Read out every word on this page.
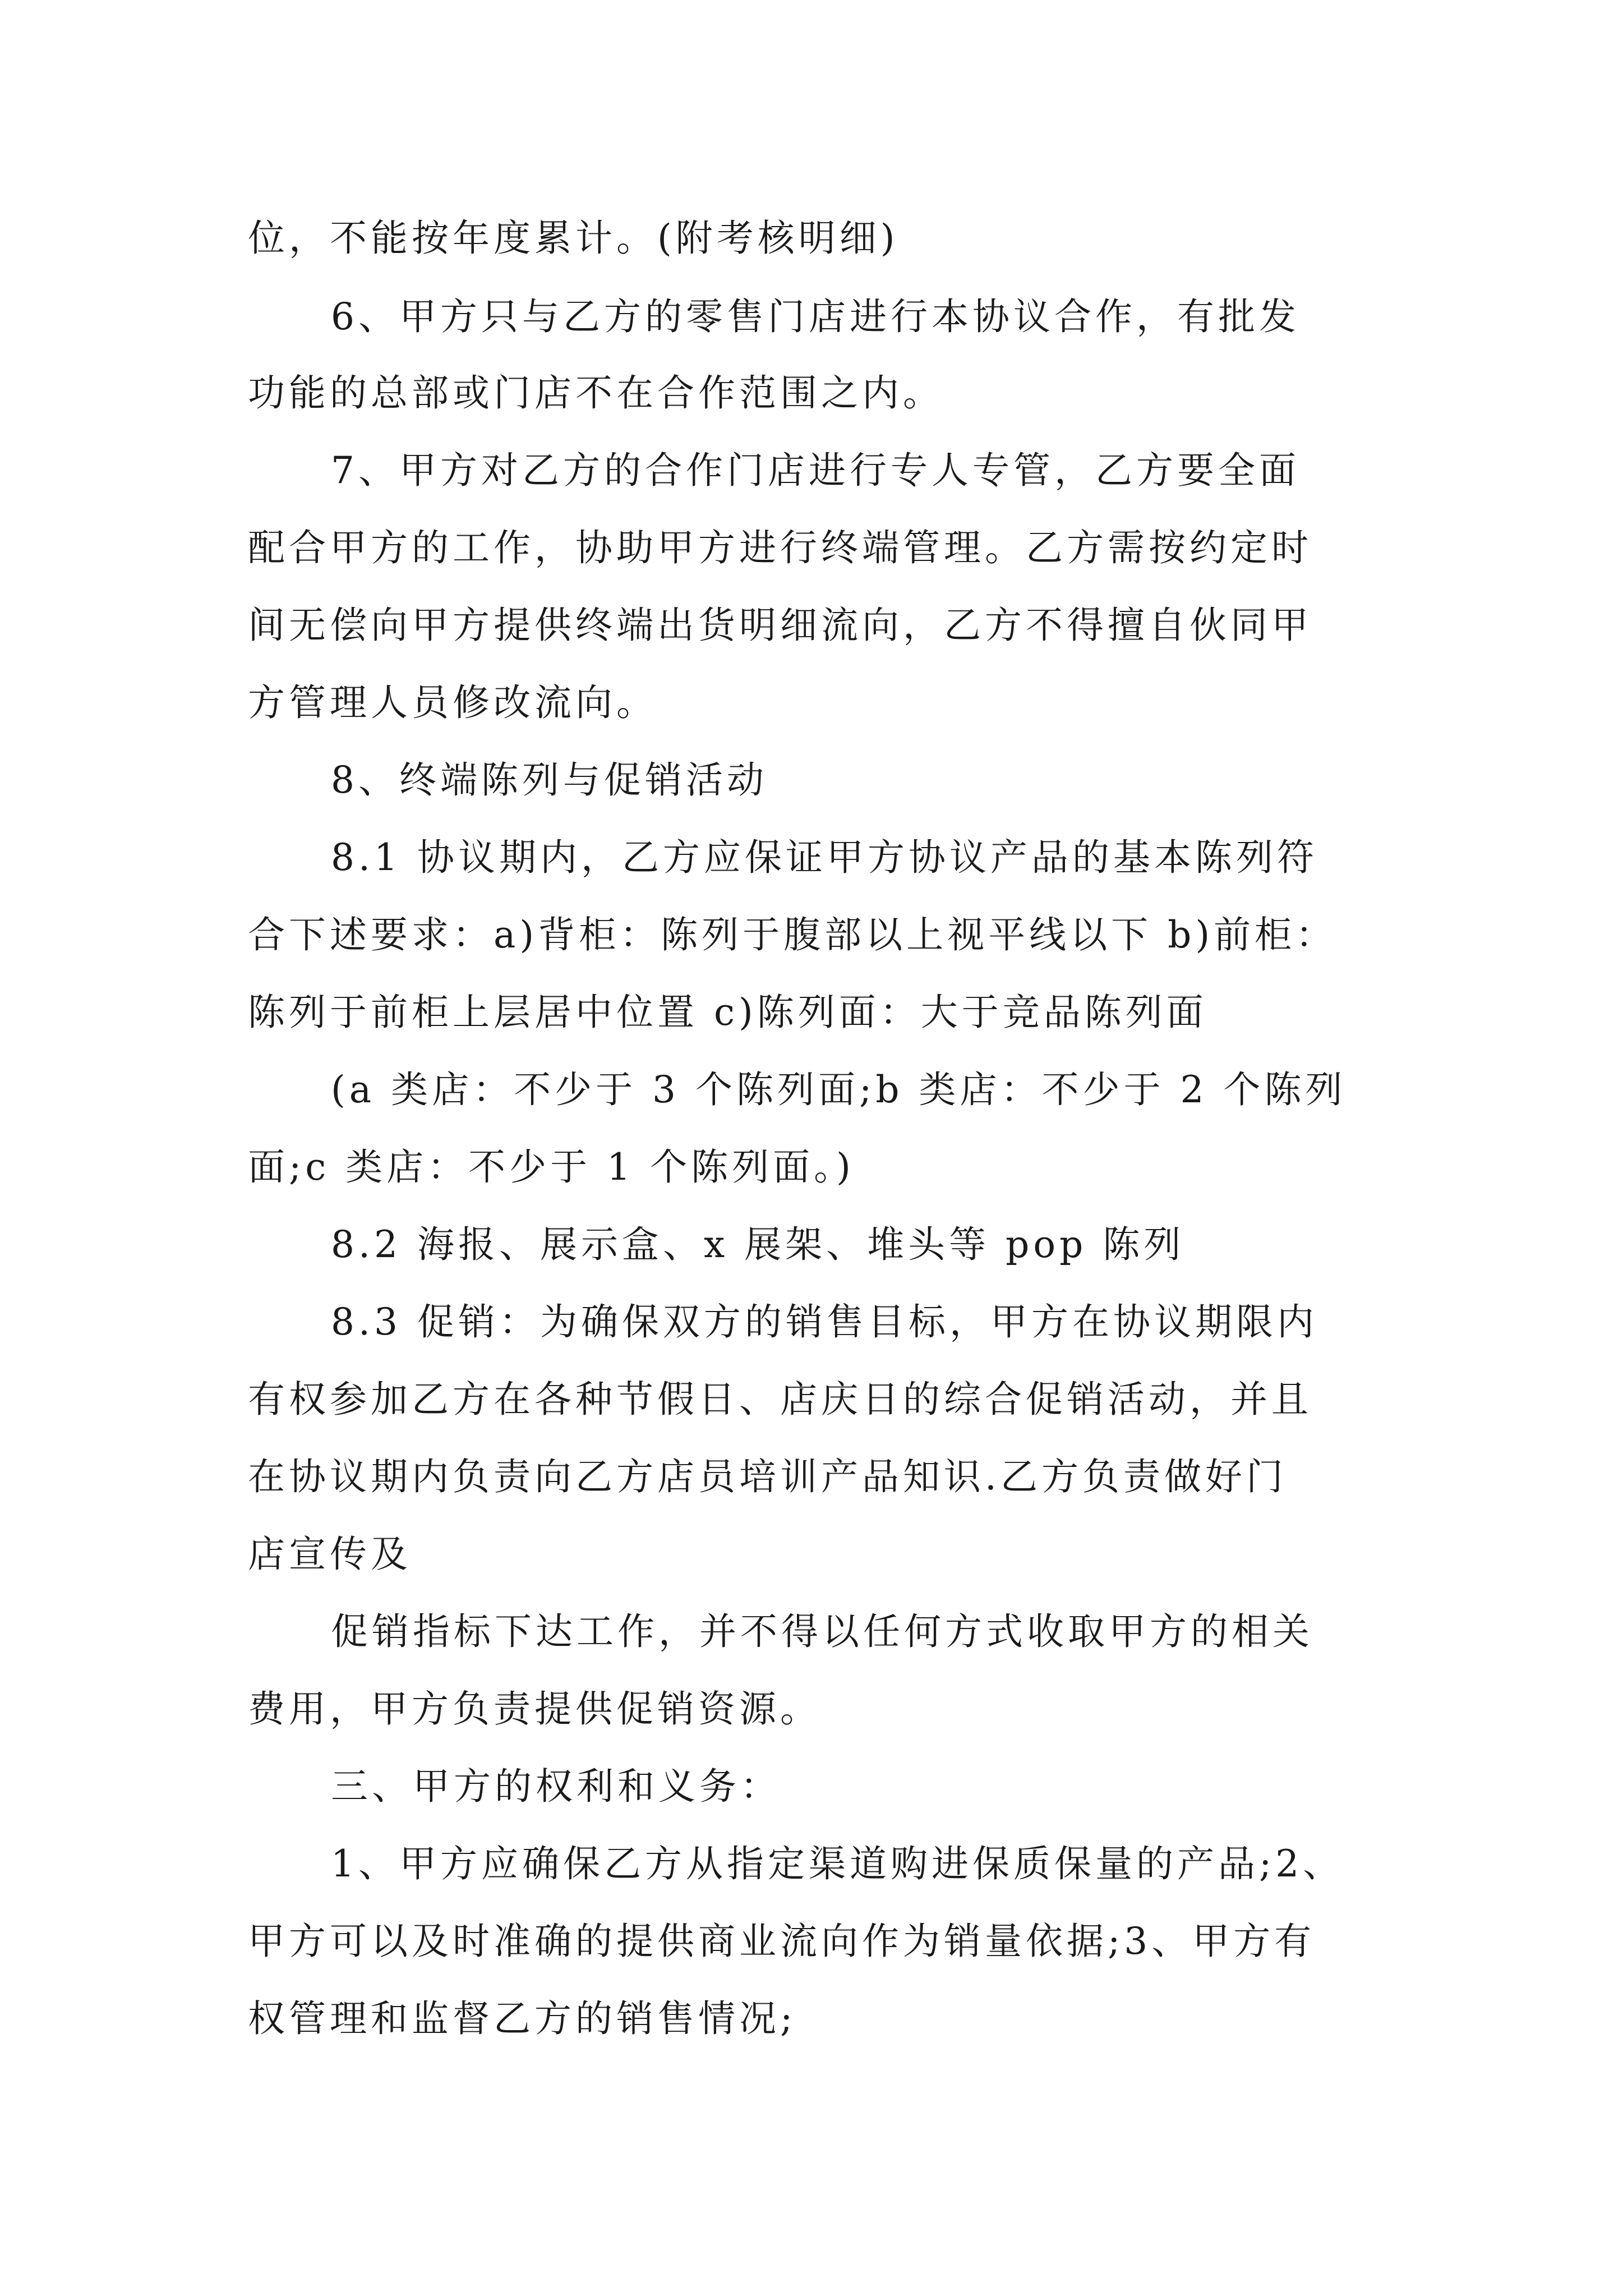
位，不能按年度累计。(附考核明细)

6、甲方只与乙方的零售门店进行本协议合作，有批发

功能的总部或门店不在合作范围之内。

7、甲方对乙方的合作门店进行专人专管，乙方要全面

配合甲方的工作，协助甲方进行终端管理。乙方需按约定时

间无偿向甲方提供终端出货明细流向，乙方不得擅自伙同甲

方管理人员修改流向。

8、终端陈列与促销活动

8.1 协议期内，乙方应保证甲方协议产品的基本陈列符

合下述要求：a)背柜：陈列于腹部以上视平线以下 b)前柜：

陈列于前柜上层居中位置 c)陈列面：大于竞品陈列面

(a 类店：不少于 3 个陈列面;b 类店：不少于 2 个陈列

面;c 类店：不少于 1 个陈列面。)

8.2 海报、展示盒、x 展架、堆头等 pop 陈列

8.3 促销：为确保双方的销售目标，甲方在协议期限内

有权参加乙方在各种节假日、店庆日的综合促销活动，并且

在协议期内负责向乙方店员培训产品知识.乙方负责做好门

店宣传及

促销指标下达工作，并不得以任何方式收取甲方的相关

费用，甲方负责提供促销资源。

三、甲方的权利和义务：

1、甲方应确保乙方从指定渠道购进保质保量的产品;2、

甲方可以及时准确的提供商业流向作为销量依据;3、甲方有

权管理和监督乙方的销售情况;
